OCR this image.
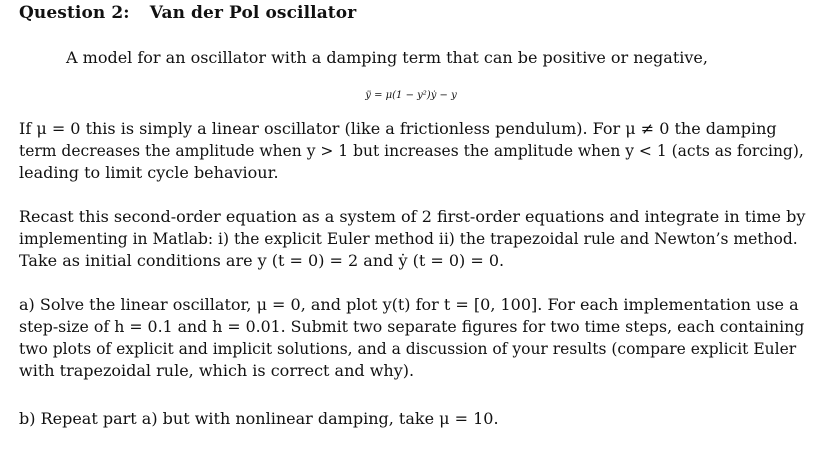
Question 2: Van der Pol oscillator
A model for an oscillator with a damping term that can be positive or negative,
ÿ = μ(1 − y²)ẏ − y
If μ = 0 this is simply a linear oscillator (like a frictionless pendulum). For μ ≠ 0 the damping
term decreases the amplitude when y > 1 but increases the amplitude when y < 1 (acts as forcing),
leading to limit cycle behaviour.
Recast this second-order equation as a system of 2 first-order equations and integrate in time by
implementing in Matlab: i) the explicit Euler method ii) the trapezoidal rule and Newton’s method.
Take as initial conditions are y (t = 0) = 2 and ẏ (t = 0) = 0.
a) Solve the linear oscillator, μ = 0, and plot y(t) for t = [0, 100]. For each implementation use a
step-size of h = 0.1 and h = 0.01. Submit two separate figures for two time steps, each containing
two plots of explicit and implicit solutions, and a discussion of your results (compare explicit Euler
with trapezoidal rule, which is correct and why).
b) Repeat part a) but with nonlinear damping, take μ = 10.
